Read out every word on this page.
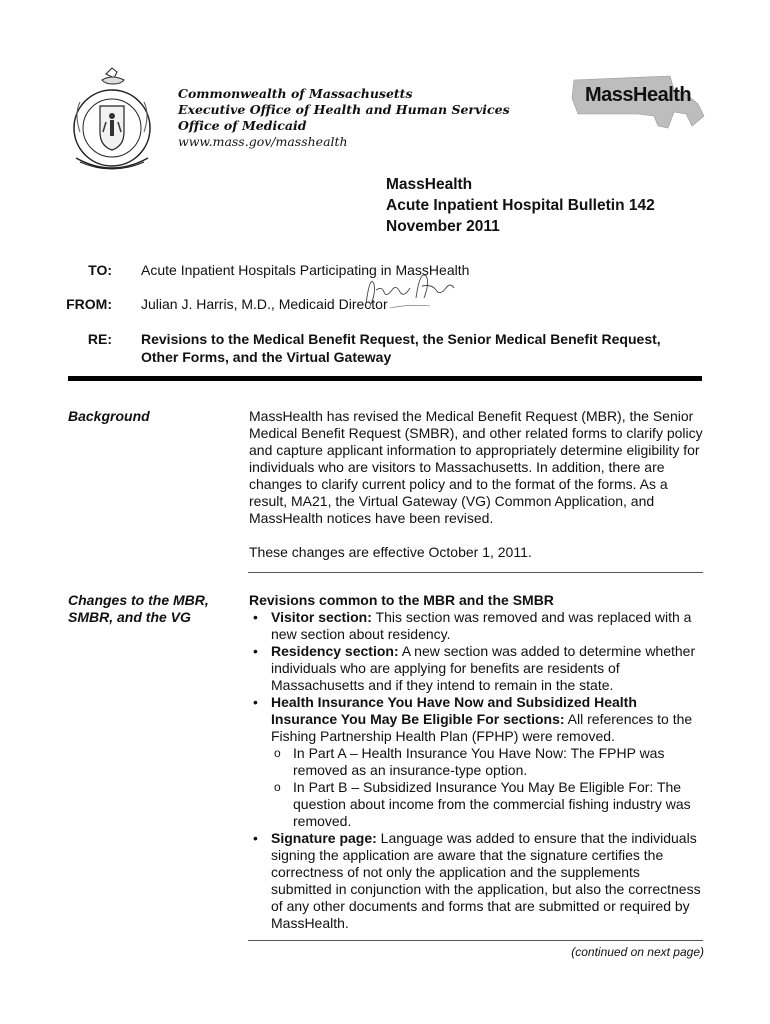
Commonwealth of Massachusetts
Executive Office of Health and Human Services
Office of Medicaid
www.mass.gov/masshealth
MassHealth
MassHealth
Acute Inpatient Hospital Bulletin 142
November 2011
TO: Acute Inpatient Hospitals Participating in MassHealth
FROM: Julian J. Harris, M.D., Medicaid Director
RE: Revisions to the Medical Benefit Request, the Senior Medical Benefit Request,
Other Forms, and the Virtual Gateway
Background	MassHealth has revised the Medical Benefit Request (MBR), the Senior Medical Benefit Request (SMBR), and other related forms to clarify policy and capture applicant information to appropriately determine eligibility for individuals who are visitors to Massachusetts. In addition, there are changes to clarify current policy and to the format of the forms. As a result, MA21, the Virtual Gateway (VG) Common Application, and MassHealth notices have been revised.

These changes are effective October 1, 2011.

Changes to the MBR,
SMBR, and the VG
Revisions common to the MBR and the SMBR
• Visitor section: This section was removed and was replaced with a new section about residency.
• Residency section: A new section was added to determine whether individuals who are applying for benefits are residents of Massachusetts and if they intend to remain in the state.
• Health Insurance You Have Now and Subsidized Health Insurance You May Be Eligible For sections: All references to the Fishing Partnership Health Plan (FPHP) were removed.
o In Part A – Health Insurance You Have Now: The FPHP was removed as an insurance-type option.
o In Part B – Subsidized Insurance You May Be Eligible For: The question about income from the commercial fishing industry was removed.
• Signature page: Language was added to ensure that the individuals signing the application are aware that the signature certifies the correctness of not only the application and the supplements submitted in conjunction with the application, but also the correctness of any other documents and forms that are submitted or required by MassHealth.
(continued on next page)
